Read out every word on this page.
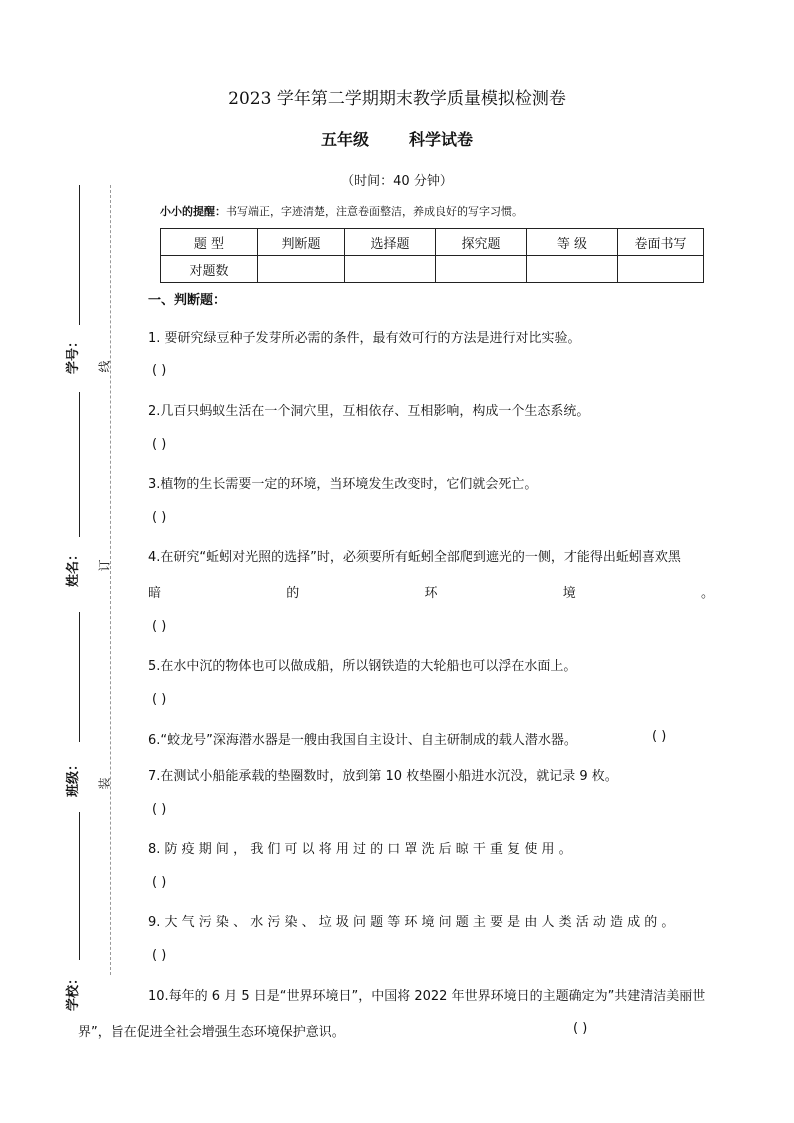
2023 学年第二学期期末教学质量模拟检测卷
五年级	科学试卷
（时间：40 分钟）
小小的提醒：书写端正，字迹清楚，注意卷面整洁，养成良好的写字习惯。
题 型	判断题	选择题	探究题	等 级	卷面书写
对题数					
学号：
姓名：
班级：
学校：
线
订
装
一、判断题：
1. 要研究绿豆种子发芽所必需的条件，最有效可行的方法是进行对比实验。
( )
2.几百只蚂蚁生活在一个洞穴里，互相依存、互相影响，构成一个生态系统。
( )
3.植物的生长需要一定的环境，当环境发生改变时，它们就会死亡。
( )
4.在研究“蚯蚓对光照的选择”时，必须要所有蚯蚓全部爬到遮光的一侧，才能得出蚯蚓喜欢黑
暗	的	环	境	。
( )
5.在水中沉的物体也可以做成船，所以钢铁造的大轮船也可以浮在水面上。
( )
6.“蛟龙号”深海潜水器是一艘由我国自主设计、自主研制成的载人潜水器。	( )
7.在测试小船能承载的垫圈数时，放到第 10 枚垫圈小船进水沉没，就记录 9 枚。
( )
8. 防 疫 期 间 ， 我 们 可 以 将 用 过 的 口 罩 洗 后 晾 干 重 复 使 用 。
( )
9. 大 气 污 染 、 水 污 染 、 垃 圾 问 题 等 环 境 问 题 主 要 是 由 人 类 活 动 造 成 的 。
( )
10.每年的 6 月 5 日是“世界环境日”，中国将 2022 年世界环境日的主题确定为”共建清洁美丽世
界”，旨在促进全社会增强生态环境保护意识。	( )
